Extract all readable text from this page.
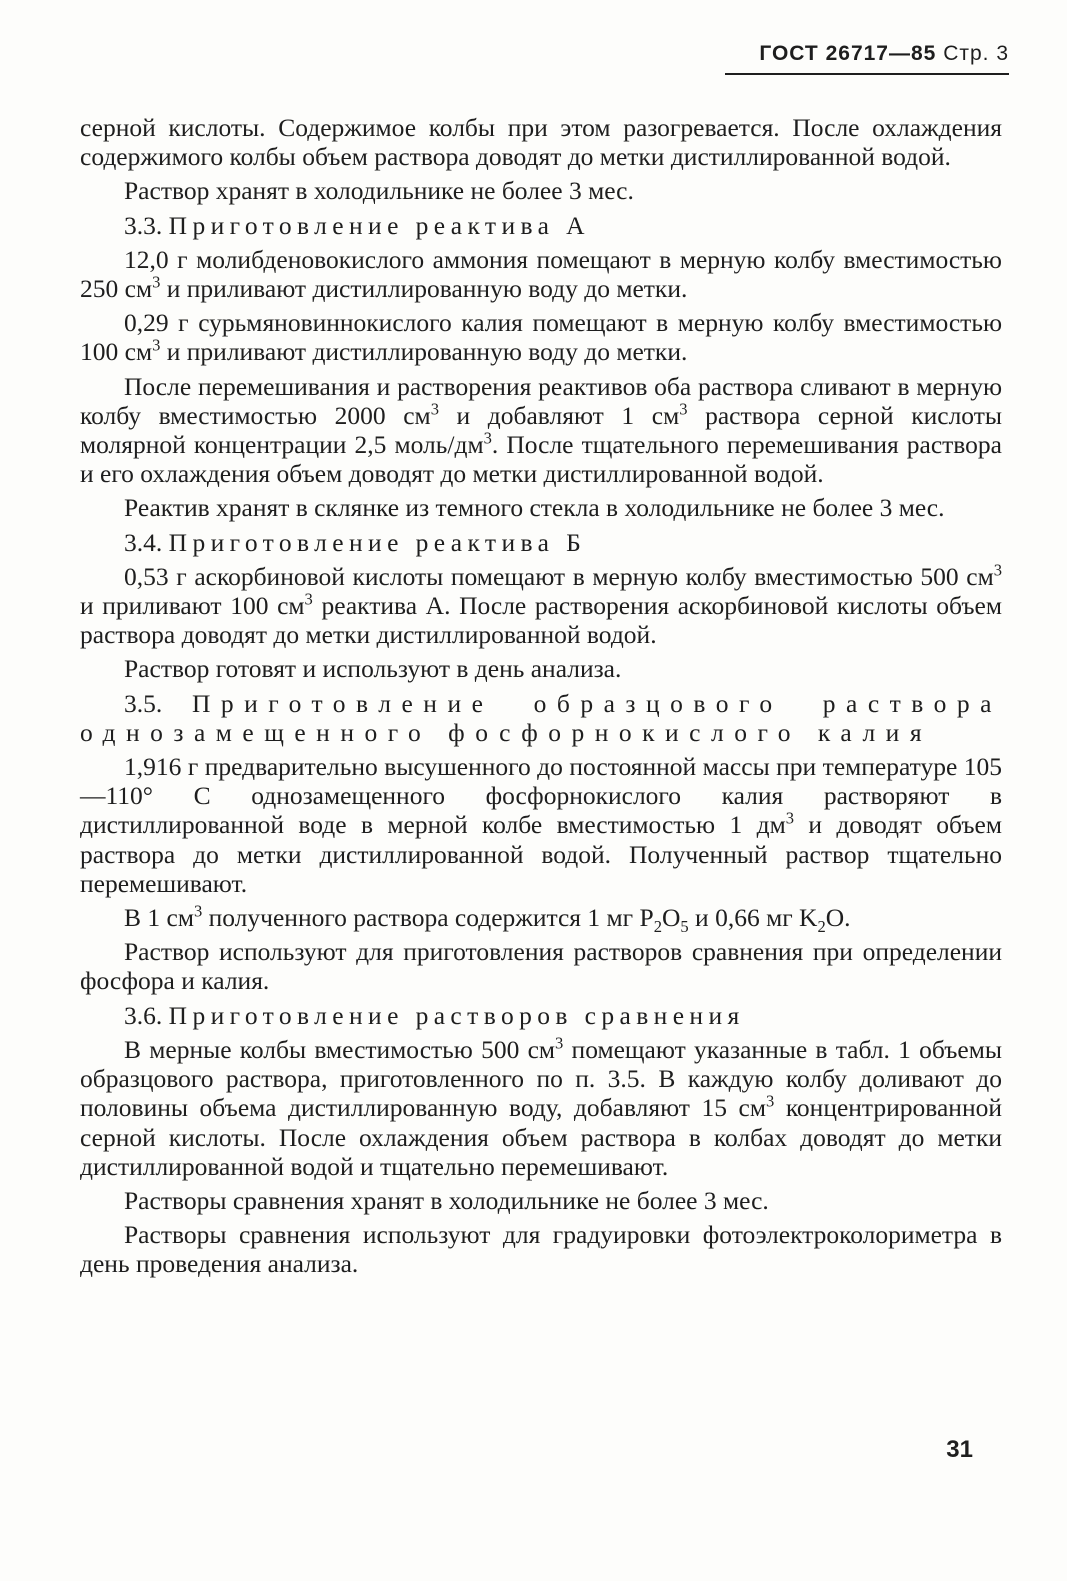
ГОСТ 26717—85 Стр. 3

серной кислоты. Содержимое колбы при этом разогревается. После охлаждения содержимого колбы объем раствора доводят до метки дистиллированной водой.

Раствор хранят в холодильнике не более 3 мес.

3.3. Приготовление реактива А

12,0 г молибденовокислого аммония помещают в мерную колбу вместимостью 250 $см^3$ и приливают дистиллированную воду до метки.

0,29 г сурьмяновиннокислого калия помещают в мерную колбу вместимостью 100 $см^3$ и приливают дистиллированную воду до метки.

После перемешивания и растворения реактивов оба раствора сливают в мерную колбу вместимостью 2000 $см^3$ и добавляют 1 $см^3$ раствора серной кислоты молярной концентрации 2,5 моль/$дм^3$. После тщательного перемешивания раствора и его охлаждения объем доводят до метки дистиллированной водой.

Реактив хранят в склянке из темного стекла в холодильнике не более 3 мес.

3.4. Приготовление реактива Б

0,53 г аскорбиновой кислоты помещают в мерную колбу вместимостью 500 $см^3$ и приливают 100 $см^3$ реактива А. После растворения аскорбиновой кислоты объем раствора доводят до метки дистиллированной водой.

Раствор готовят и используют в день анализа.

3.5. Приготовление образцового раствора однозамещенного фосфорнокислого калия

1,916 г предварительно высушенного до постоянной массы при температуре 105—110° С однозамещенного фосфорнокислого калия растворяют в дистиллированной воде в мерной колбе вместимостью 1 $дм^3$ и доводят объем раствора до метки дистиллированной водой. Полученный раствор тщательно перемешивают.

В 1 $см^3$ полученного раствора содержится 1 мг $Р_2О_5$ и 0,66 мг $K_2O$.

Раствор используют для приготовления растворов сравнения при определении фосфора и калия.

3.6. Приготовление растворов сравнения

В мерные колбы вместимостью 500 $см^3$ помещают указанные в табл. 1 объемы образцового раствора, приготовленного по п. 3.5. В каждую колбу доливают до половины объема дистиллированную воду, добавляют 15 $см^3$ концентрированной серной кислоты. После охлаждения объем раствора в колбах доводят до метки дистиллированной водой и тщательно перемешивают.

Растворы сравнения хранят в холодильнике не более 3 мес.

Растворы сравнения используют для градуировки фотоэлектроколориметра в день проведения анализа.

31
